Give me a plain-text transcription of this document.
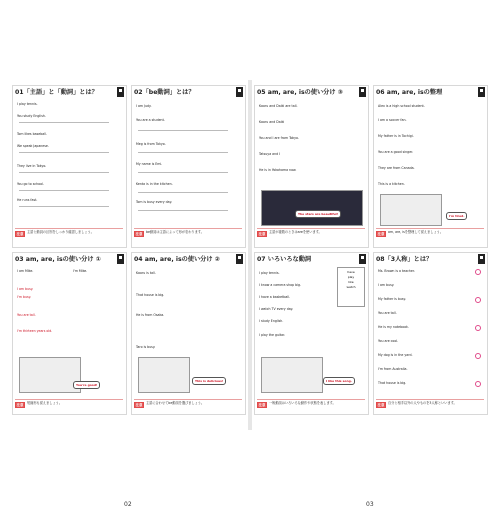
01「主語」と「動詞」とは？
I play tennis.
You study English.
Tom likes baseball.
We speak Japanese.
They live in Tokyo.
You go to school.
He runs fast.
注意	主語と動詞の区別をしっかり確認しましょう。
02「be動詞」とは？
I am Judy.
You are a student.
Meg is from Tokyo.
My name is Emi.
Kenta is in the kitchen.
Tom is busy every day.
注意	be動詞は主語によって形が変わります。
03 am, are, isの使い分け ①
I am Mike.	I'm Mike.
I am busy.
I'm busy.
You are tall.
I'm thirteen years old.
You're good!
注意	短縮形も覚えましょう。
04 am, are, isの使い分け ②
Kaoru is tall.
That house is big.
He is from Osaka.
Taro is busy.
This is delicious!
注意	主語に合わせてbe動詞を選びましょう。
02
05 am, are, isの使い分け ③
Kaoru and Daiki are tall.
Kaoru and Daiki
You and I are from Tokyo.
Tatsuya and I
He is in Yokohama now.
The stars are beautiful!
注意	主語が複数のときはareを使います。
06 am, are, isの整理
Alex is a high school student.
I am a soccer fan.
My father is in Tochigi.
You are a good singer.
They are from Canada.
This is a kitchen.
I'm tired.
注意	am, are, isを整理して覚えましょう。
07 いろいろな動詞
I play tennis.
I know a camera shop big.
I have a basketball.
I watch TV every day.
I study English.
I play the guitar.
have
play
like
watch
I like this song.
注意	一般動詞はいろいろな動作や状態を表します。
08「3人称」とは？
Ms. Brown is a teacher.
I am busy.
My father is busy.
You are tall.
He is my notebook.
You are cool.
My dog is in the yard.
I'm from Australia.
That house is big.
注意	自分と相手以外の人やものを3人称といいます。
03
